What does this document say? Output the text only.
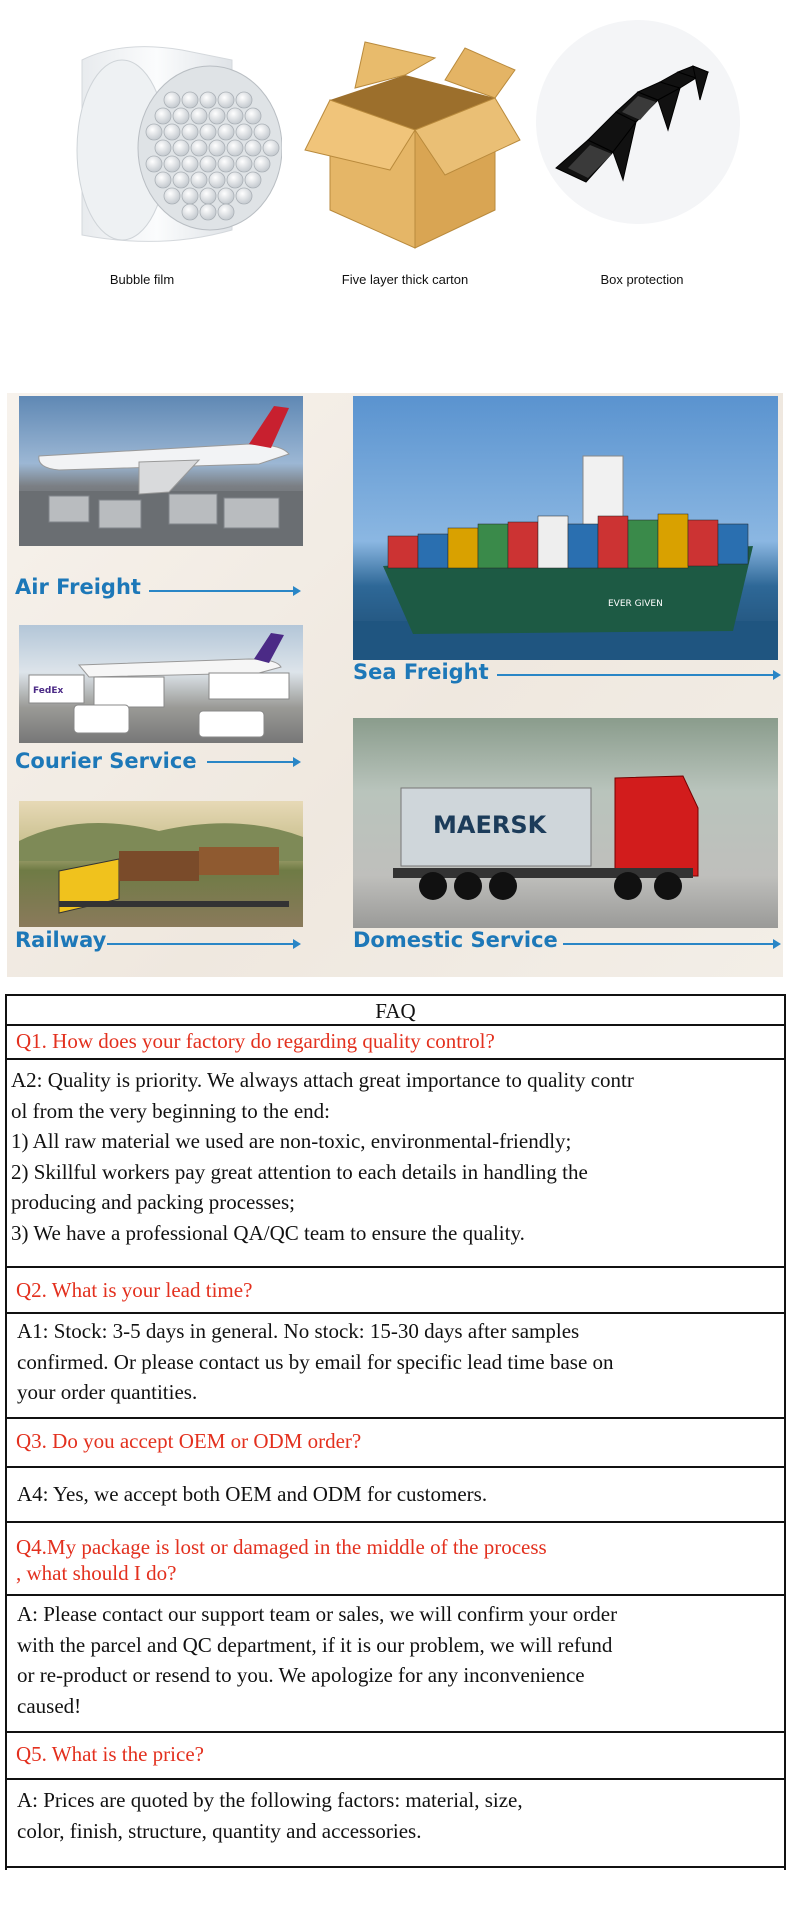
Bubble film	Five layer thick carton	Box protection
Air Freight
EVER GIVEN
Sea Freight
FedEx
Courier Service
Railway
MAERSK
Domestic Service
FAQ
Q1. How does your factory do regarding quality control?

A2: Quality is priority. We always attach great importance to quality contr

ol from the very beginning to the end:

1) All raw material we used are non-toxic, environmental-friendly;

2) Skillful workers pay great attention to each details in handling the

producing and packing processes;

3) We have a professional QA/QC team to ensure the quality.

Q2. What is your lead time?

A1: Stock: 3-5 days in general. No stock: 15-30 days after samples

confirmed. Or please contact us by email for specific lead time base on

your order quantities.

Q3. Do you accept OEM or ODM order?

A4: Yes, we accept both OEM and ODM for customers.

Q4.My package is lost or damaged in the middle of the process
, what should I do?

A: Please contact our support team or sales, we will confirm your order

with the parcel and QC department, if it is our problem, we will refund

or re-product or resend to you. We apologize for any inconvenience

caused!

Q5. What is the price?

A: Prices are quoted by the following factors: material, size,

color, finish, structure, quantity and accessories.
